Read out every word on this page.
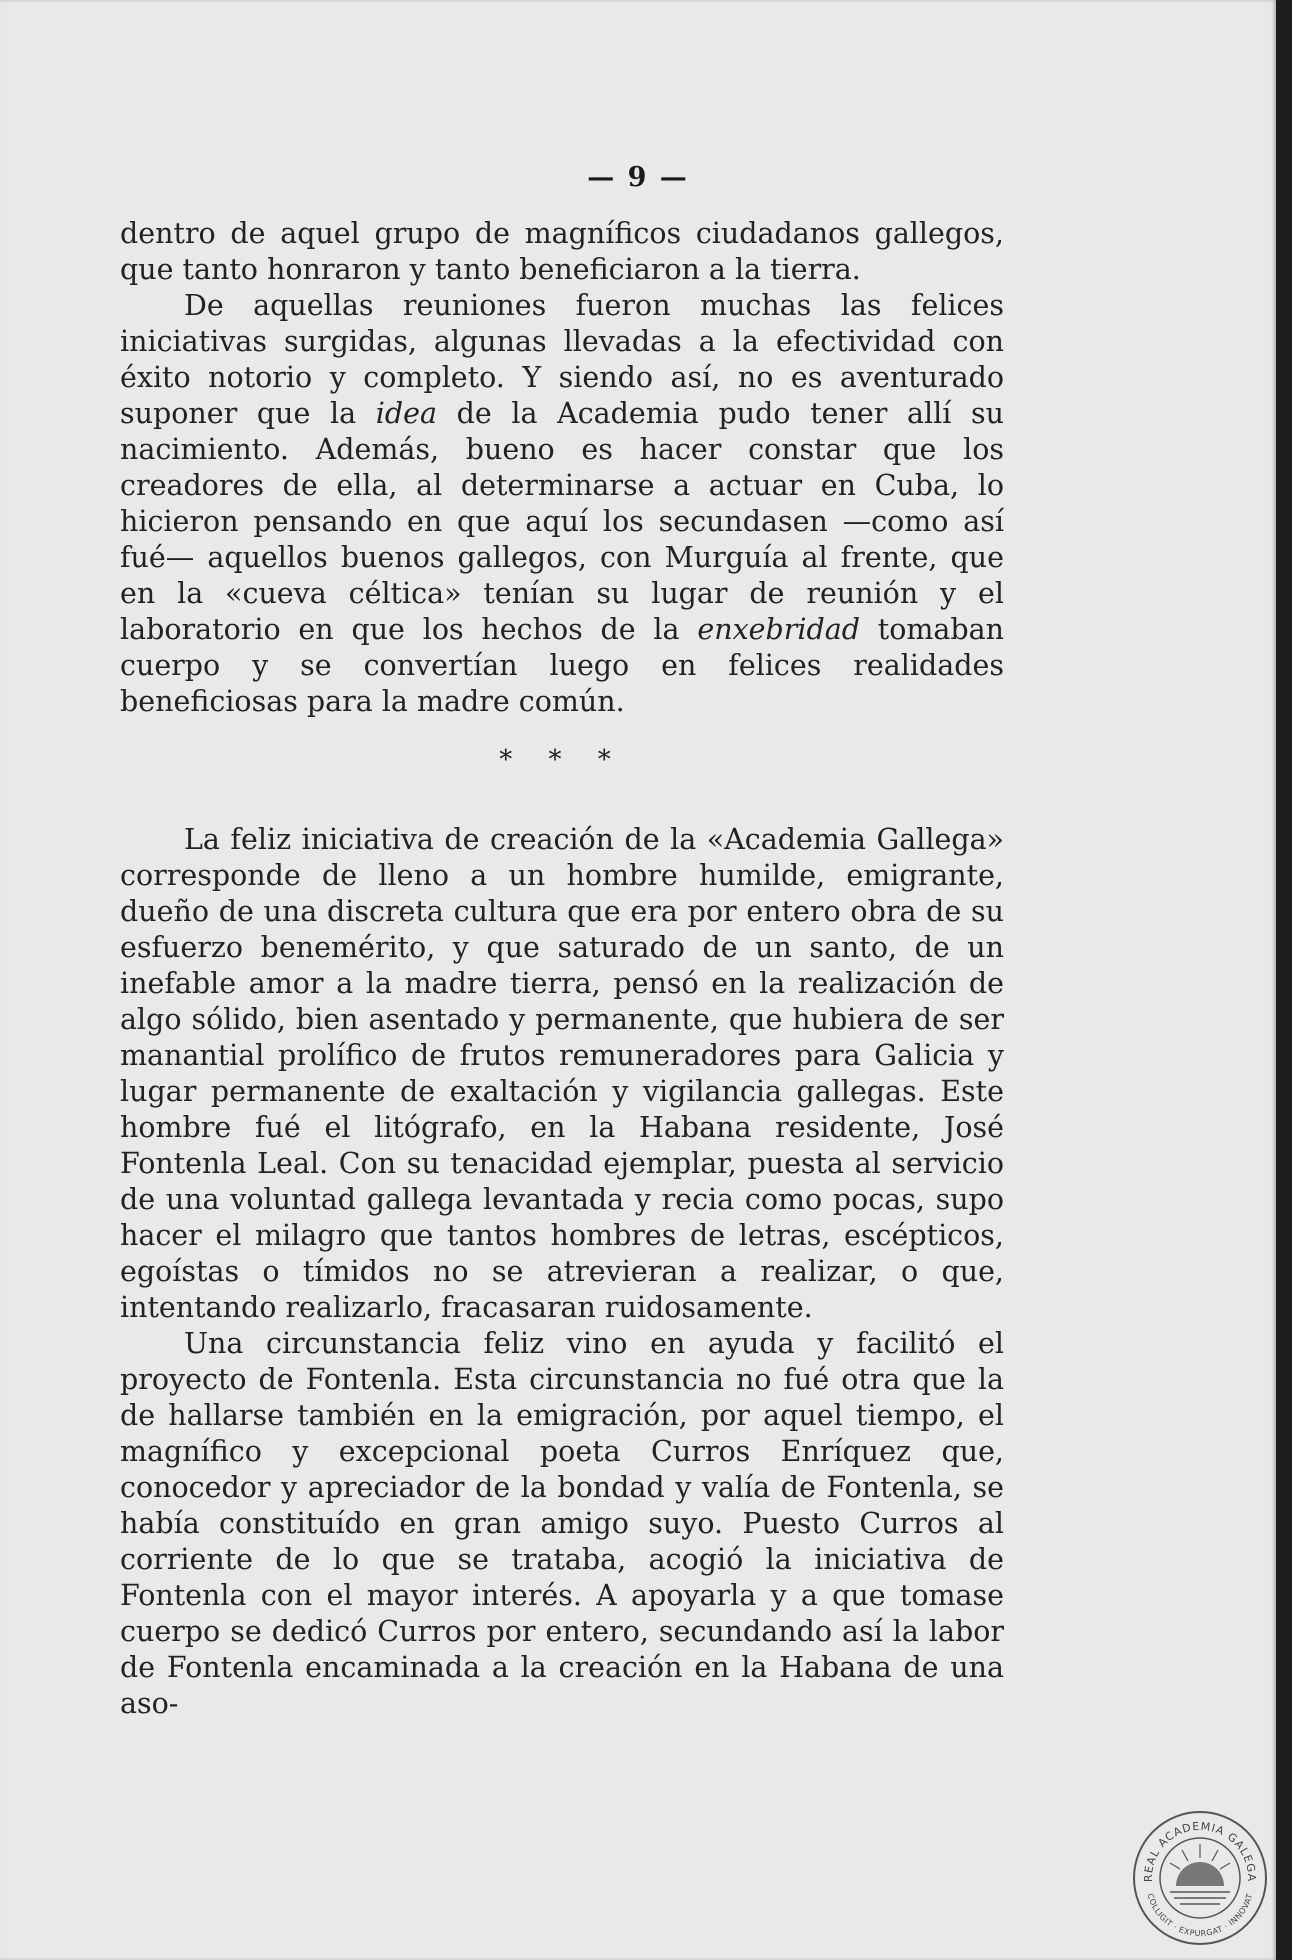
— 9 —

dentro de aquel grupo de magníficos ciudadanos gallegos, que tanto honraron y tanto beneficiaron a la tierra.

De aquellas reuniones fueron muchas las felices iniciativas surgidas, algunas llevadas a la efectividad con éxito notorio y completo. Y siendo así, no es aventurado suponer que la idea de la Academia pudo tener allí su nacimiento. Además, bueno es hacer constar que los creadores de ella, al determinarse a actuar en Cuba, lo hicieron pensando en que aquí los secundasen —como así fué— aquellos buenos gallegos, con Murguía al frente, que en la «cueva céltica» tenían su lugar de reunión y el laboratorio en que los hechos de la enxebridad tomaban cuerpo y se convertían luego en felices realidades beneficiosas para la madre común.

* * *

La feliz iniciativa de creación de la «Academia Gallega» corresponde de lleno a un hombre humilde, emigrante, dueño de una discreta cultura que era por entero obra de su esfuerzo benemérito, y que saturado de un santo, de un inefable amor a la madre tierra, pensó en la realización de algo sólido, bien asentado y permanente, que hubiera de ser manantial prolífico de frutos remuneradores para Galicia y lugar permanente de exaltación y vigilancia gallegas. Este hombre fué el litógrafo, en la Habana residente, José Fontenla Leal. Con su tenacidad ejemplar, puesta al servicio de una voluntad gallega levantada y recia como pocas, supo hacer el milagro que tantos hombres de letras, escépticos, egoístas o tímidos no se atrevieran a realizar, o que, intentando realizarlo, fracasaran ruidosamente.

Una circunstancia feliz vino en ayuda y facilitó el proyecto de Fontenla. Esta circunstancia no fué otra que la de hallarse también en la emigración, por aquel tiempo, el magnífico y excepcional poeta Curros Enríquez que, conocedor y apreciador de la bondad y valía de Fontenla, se había constituído en gran amigo suyo. Puesto Curros al corriente de lo que se trataba, acogió la iniciativa de Fontenla con el mayor interés. A apoyarla y a que tomase cuerpo se dedicó Curros por entero, secundando así la labor de Fontenla encaminada a la creación en la Habana de una aso-

REAL ACADEMIA GALEGA
COLLIGIT · EXPURGAT · INNOVAT
